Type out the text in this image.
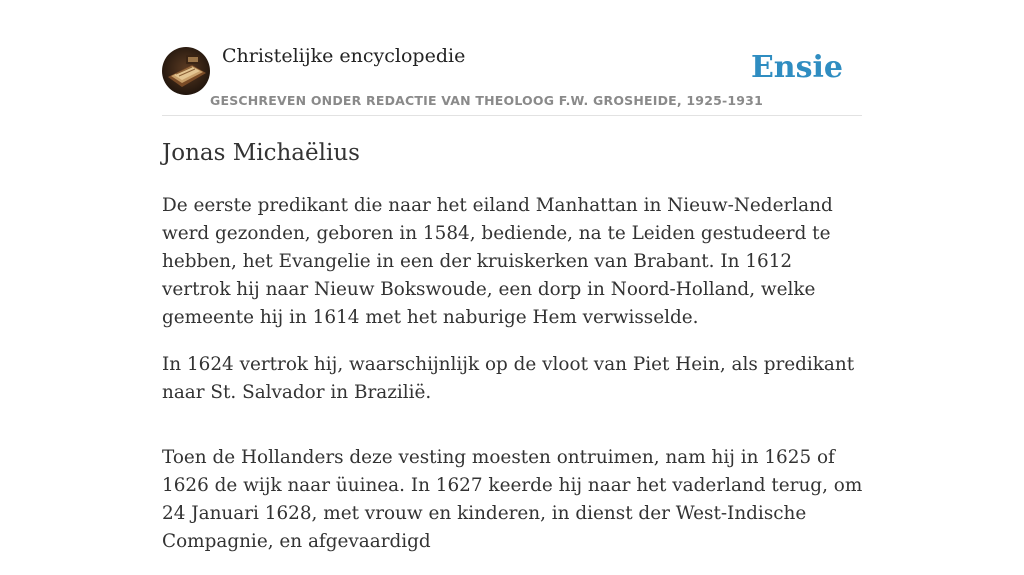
Christelijke encyclopedie
GESCHREVEN ONDER REDACTIE VAN THEOLOOG F.W. GROSHEIDE, 1925-1931
Ensie
Jonas Michaëlius

De eerste predikant die naar het eiland Manhattan in Nieuw-Nederland werd gezonden, geboren in 1584, bediende, na te Leiden gestudeerd te hebben, het Evangelie in een der kruiskerken van Brabant. In 1612 vertrok hij naar Nieuw Bokswoude, een dorp in Noord-Holland, welke gemeente hij in 1614 met het naburige Hem verwisselde.

In 1624 vertrok hij, waarschijnlijk op de vloot van Piet Hein, als predikant naar St. Salvador in Brazilië.

Toen de Hollanders deze vesting moesten ontruimen, nam hij in 1625 of 1626 de wijk naar üuinea. In 1627 keerde hij naar het vaderland terug, om 24 Januari 1628, met vrouw en kinderen, in dienst der West-Indische Compagnie, en afgevaardigd
